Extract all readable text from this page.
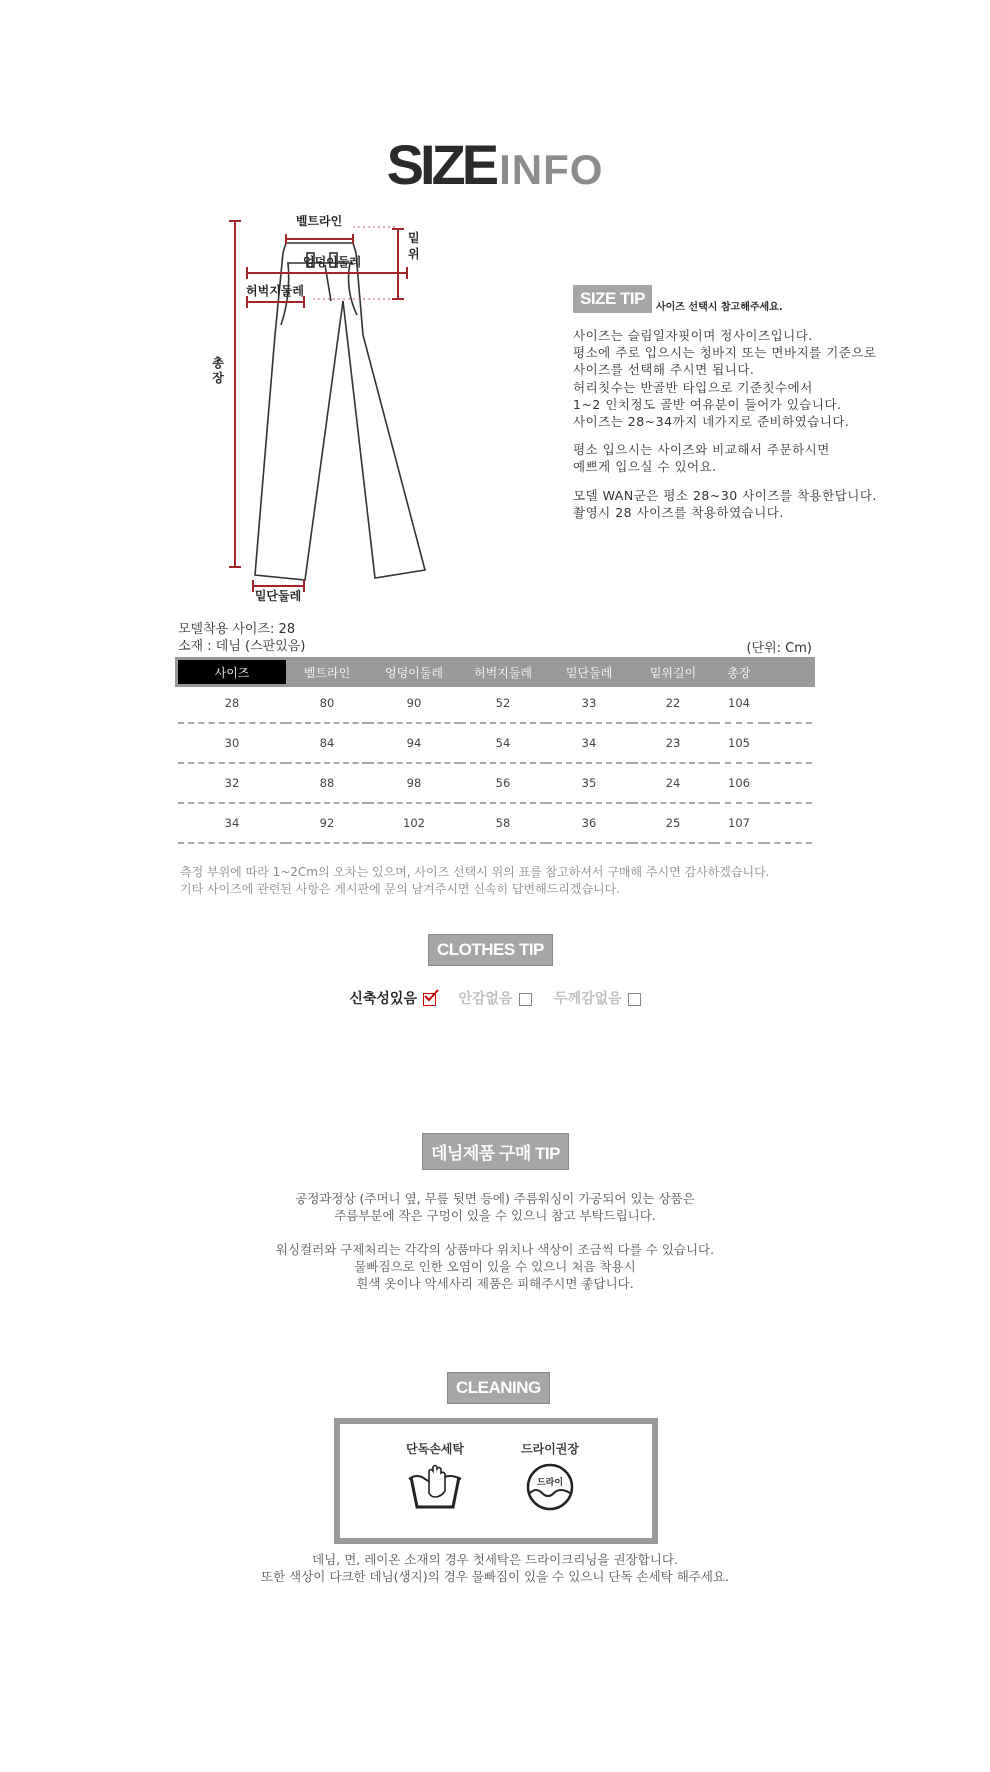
SIZEINFO
벨트라인
엉덩이둘레
허벅지둘레
밑
위
총
장
밑단둘레
SIZE TIP 사이즈 선택시 참고해주세요.

사이즈는 슬림일자핏이며 정사이즈입니다.

평소에 주로 입으시는 청바지 또는 면바지를 기준으로

사이즈를 선택해 주시면 됩니다.

허리칫수는 반골반 타입으로 기준칫수에서

1~2 인치정도 골반 여유분이 들어가 있습니다.

사이즈는 28~34까지 네가지로 준비하였습니다.

평소 입으시는 사이즈와 비교해서 주문하시면

예쁘게 입으실 수 있어요.

모델 WAN군은 평소 28~30 사이즈를 착용한답니다.

촬영시 28 사이즈를 착용하였습니다.

모델착용 사이즈: 28
소재 : 데님 (스판있음)	(단위: Cm)
사이즈	벨트라인	엉덩이둘레	허벅지둘레	밑단둘레	밑위길이	총장	
28	80	90	52	33	22	104	
30	84	94	54	34	23	105	
32	88	98	56	35	24	106	
34	92	102	58	36	25	107	
측정 부위에 따라 1~2Cm의 오차는 있으며, 사이즈 선택시 위의 표를 참고하셔서 구매해 주시면 감사하겠습니다.
기타 사이즈에 관련된 사항은 게시판에 문의 남겨주시면 신속히 답변해드리겠습니다.
CLOTHES TIP
신축성있음	안감없음	두께감없음
데님제품 구매 TIP

공정과정상 (주머니 옆, 무릎 뒷면 등에) 주름워싱이 가공되어 있는 상품은

주름부분에 작은 구멍이 있을 수 있으니 참고 부탁드립니다.

워싱컬러와 구제처리는 각각의 상품마다 위치나 색상이 조금씩 다를 수 있습니다.

물빠짐으로 인한 오염이 있을 수 있으니 처음 착용시

흰색 옷이나 악세사리 제품은 피해주시면 좋답니다.

CLEANING
단독손세탁	드라이권장
드라이

데님, 면, 레이온 소재의 경우 첫세탁은 드라이크리닝을 권장합니다.

또한 색상이 다크한 데님(생지)의 경우 물빠짐이 있을 수 있으니 단독 손세탁 해주세요.
